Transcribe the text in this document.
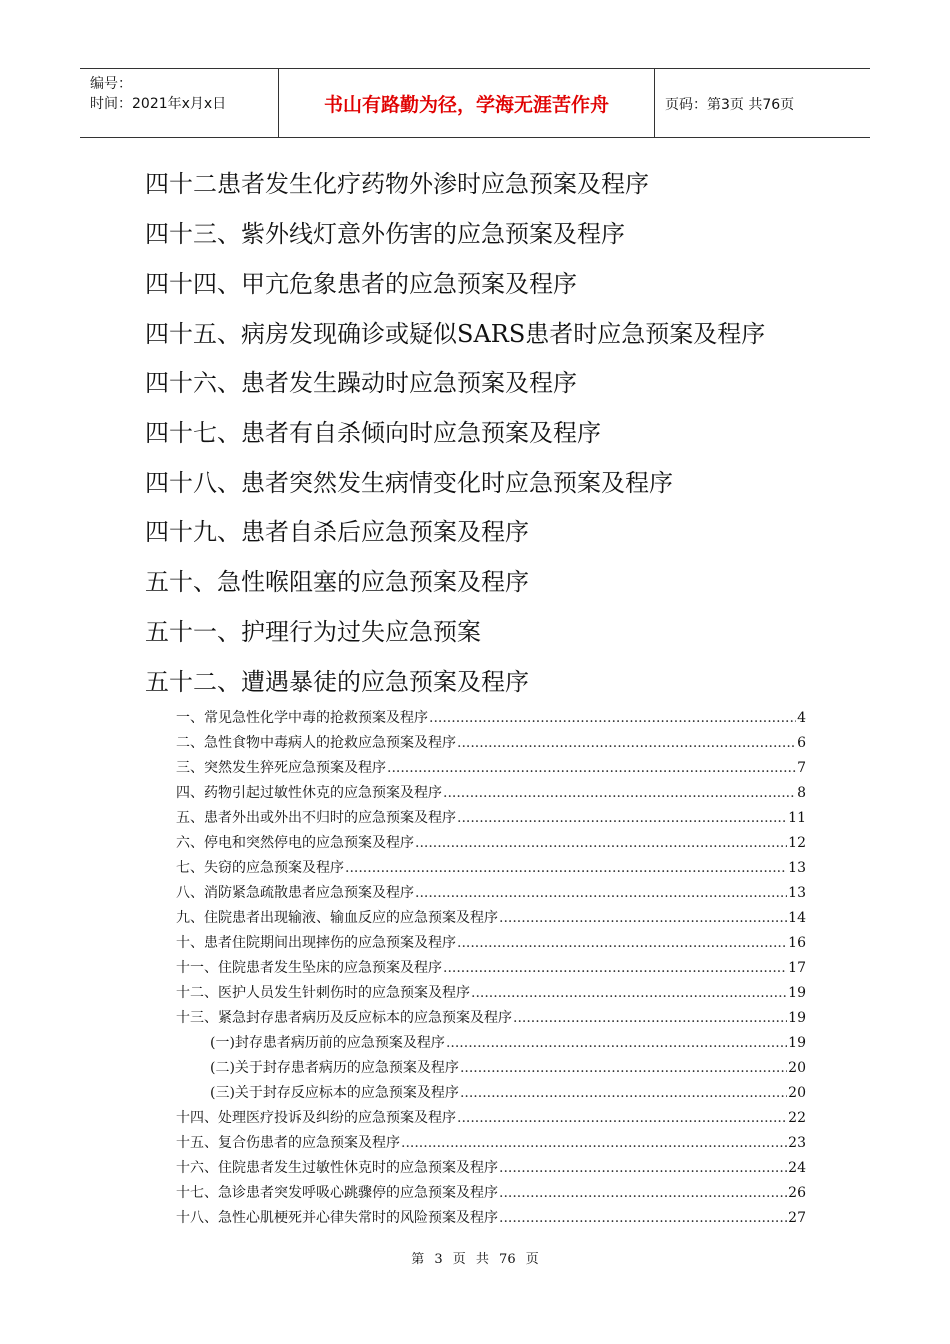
编号：
时间：2021年x月x日	书山有路勤为径，学海无涯苦作舟	页码：第3页 共76页
四十二患者发生化疗药物外渗时应急预案及程序
四十三、紫外线灯意外伤害的应急预案及程序
四十四、甲亢危象患者的应急预案及程序
四十五、病房发现确诊或疑似SARS患者时应急预案及程序
四十六、患者发生躁动时应急预案及程序
四十七、患者有自杀倾向时应急预案及程序
四十八、患者突然发生病情变化时应急预案及程序
四十九、患者自杀后应急预案及程序
五十、急性喉阻塞的应急预案及程序
五十一、护理行为过失应急预案
五十二、遭遇暴徒的应急预案及程序
一、常见急性化学中毒的抢救预案及程序 .....	4
二、急性食物中毒病人的抢救应急预案及程序 .....	6
三、突然发生猝死应急预案及程序 .....	7
四、药物引起过敏性休克的应急预案及程序 .....	8
五、患者外出或外出不归时的应急预案及程序 .....	11
六、停电和突然停电的应急预案及程序 .....	12
七、失窃的应急预案及程序 .....	13
八、消防紧急疏散患者应急预案及程序 .....	13
九、住院患者出现输液、输血反应的应急预案及程序 .....	14
十、患者住院期间出现摔伤的应急预案及程序 .....	16
十一、住院患者发生坠床的应急预案及程序 .....	17
十二、医护人员发生针刺伤时的应急预案及程序 .....	19
十三、紧急封存患者病历及反应标本的应急预案及程序 .....	19
(一)封存患者病历前的应急预案及程序 .....	19
(二)关于封存患者病历的应急预案及程序 .....	20
(三)关于封存反应标本的应急预案及程序 .....	20
十四、处理医疗投诉及纠纷的应急预案及程序 .....	22
十五、复合伤患者的应急预案及程序 .....	23
十六、住院患者发生过敏性休克时的应急预案及程序 .....	24
十七、急诊患者突发呼吸心跳骤停的应急预案及程序 .....	26
十八、急性心肌梗死并心律失常时的风险预案及程序 .....	27
第 3 页 共 76 页
